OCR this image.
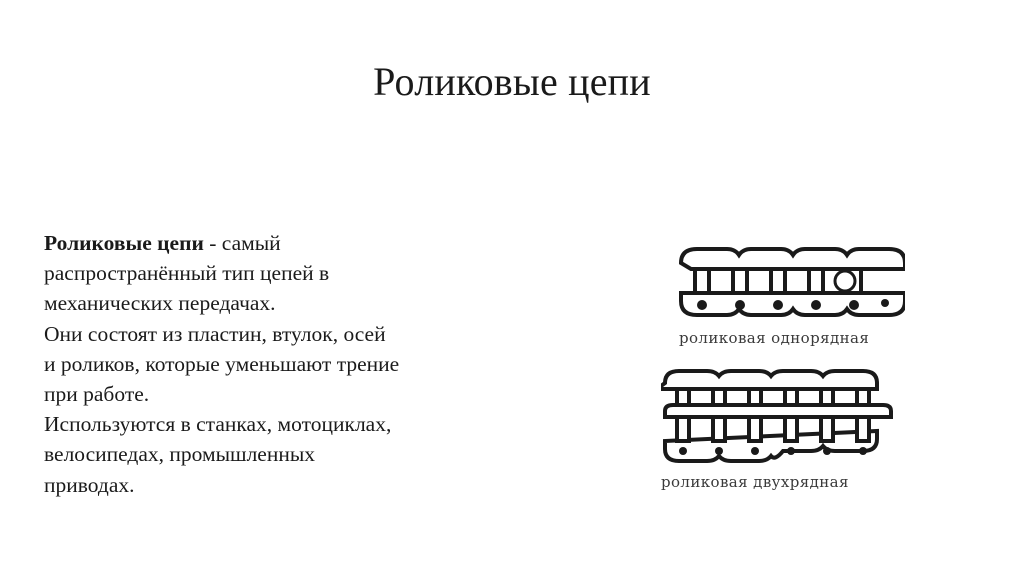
Роликовые цепи

Роликовые цепи - самый

распространённый тип цепей в

механических передачах.

Они состоят из пластин, втулок, осей

и роликов, которые уменьшают трение

при работе.

Используются в станках, мотоциклах,

велосипедах, промышленных

приводах.

роликовая однорядная
роликовая двухрядная
